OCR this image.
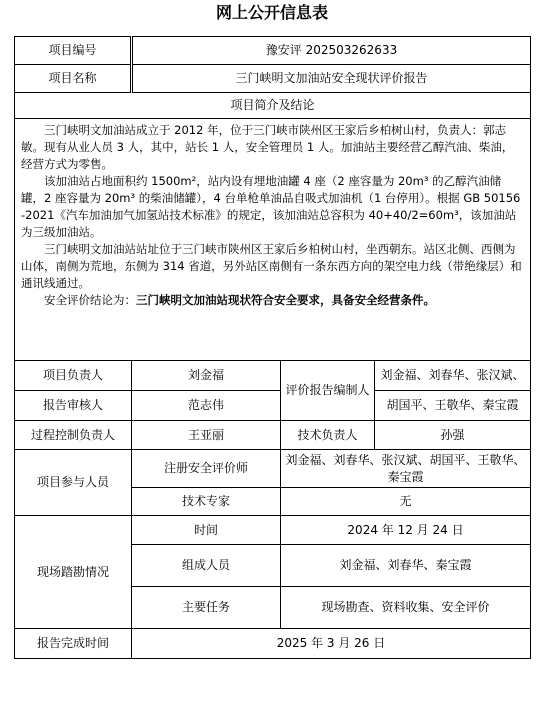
网上公开信息表
项目编号	豫安评 202503262633		
项目名称	三门峡明文加油站安全现状评价报告		
项目简介及结论			

三门峡明文加油站成立于 2012 年，位于三门峡市陕州区王家后乡柏树山村，负责人：郭志敏。现有从业人员 3 人，其中，站长 1 人，安全管理员 1 人。加油站主要经营乙醇汽油、柴油，经营方式为零售。

该加油站占地面积约 1500m²，站内设有埋地油罐 4 座（2 座容量为 20m³ 的乙醇汽油储罐，2 座容量为 20m³ 的柴油储罐），4 台单枪单油品自吸式加油机（1 台停用）。根据 GB 50156-2021《汽车加油加气加氢站技术标准》的规定，该加油站总容积为 40+40/2=60m³，该加油站为三级加油站。

三门峡明文加油站站址位于三门峡市陕州区王家后乡柏树山村，坐西朝东。站区北侧、西侧为山体，南侧为荒地，东侧为 314 省道，另外站区南侧有一条东西方向的架空电力线（带绝缘层）和通讯线通过。

安全评价结论为：三门峡明文加油站现状符合安全要求，具备安全经营条件。			

项目负责人	刘金福	评价报告编制人	刘金福、刘春华、张汉斌、
报告审核人	范志伟		胡国平、王敬华、秦宝霞
过程控制负责人	王亚丽	技术负责人	孙强
项目参与人员	注册安全评价师	刘金福、刘春华、张汉斌、胡国平、王敬华、秦宝霞	
	技术专家	无	
现场踏勘情况	时间	2024 年 12 月 24 日	
	组成人员	刘金福、刘春华、秦宝霞	
	主要任务	现场勘查、资料收集、安全评价	
报告完成时间	2025 年 3 月 26 日		
